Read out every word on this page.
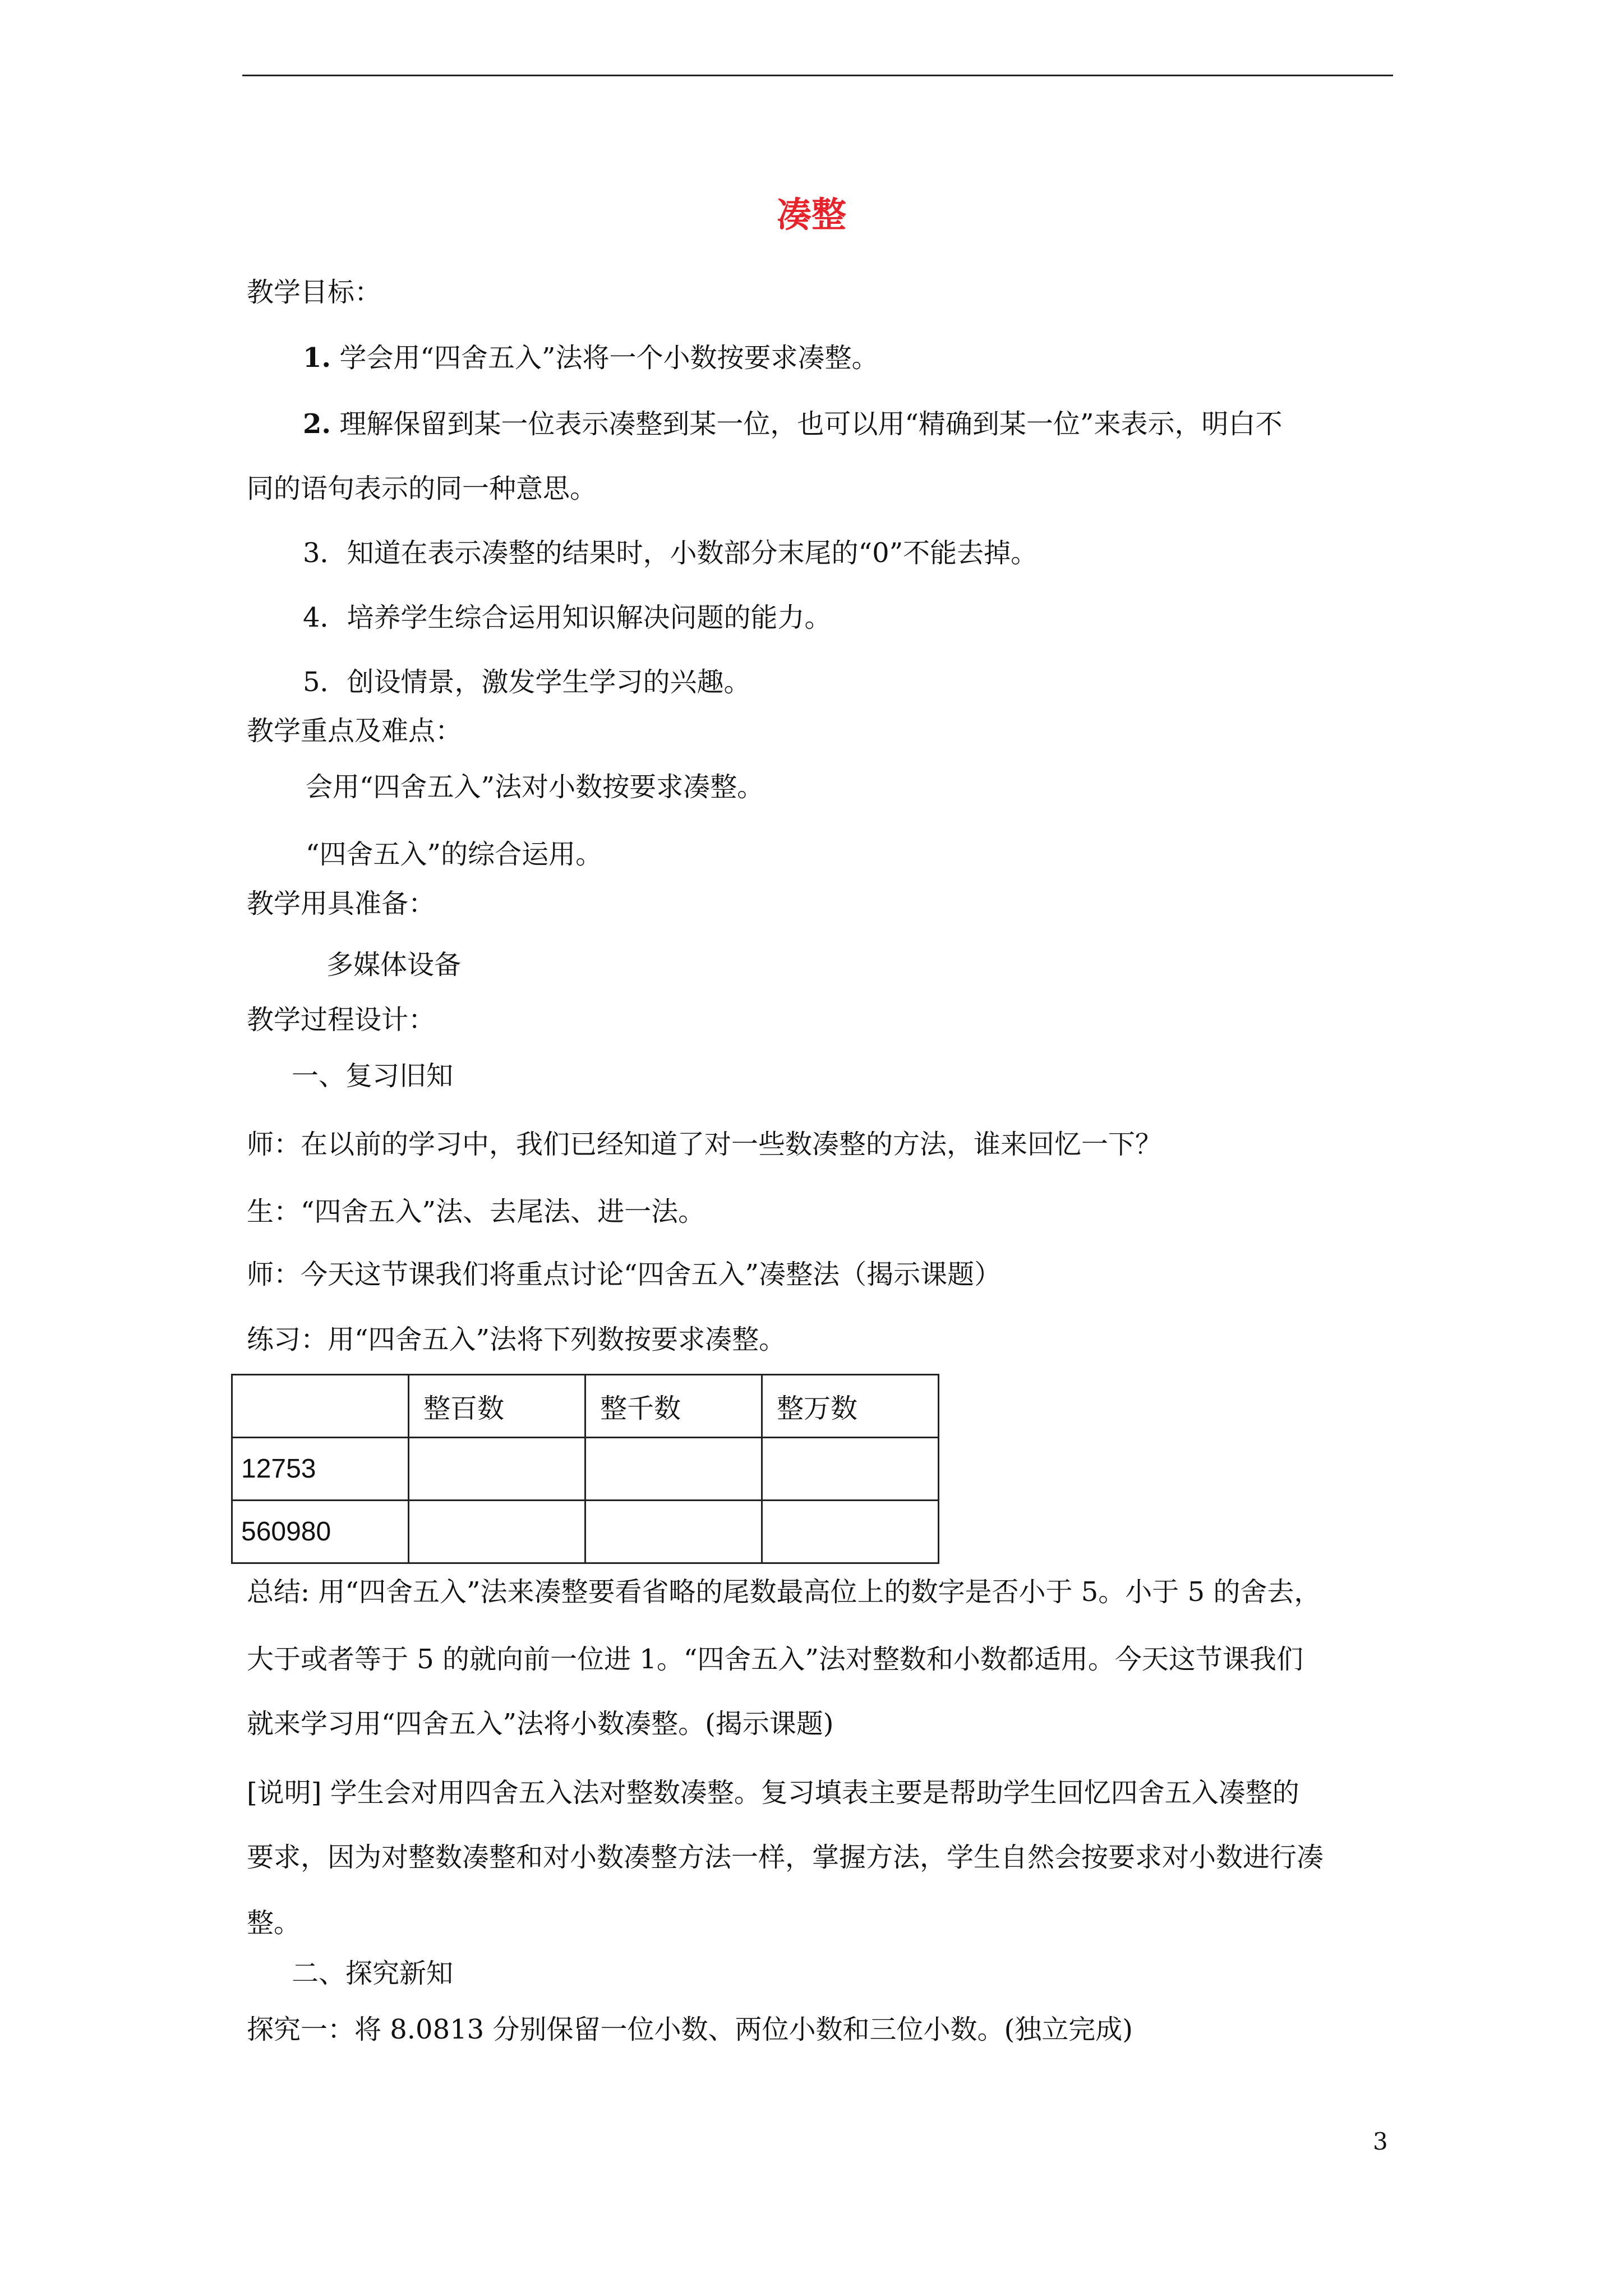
凑整
教学目标：
1. 学会用“四舍五入”法将一个小数按要求凑整。
2. 理解保留到某一位表示凑整到某一位，也可以用“精确到某一位”来表示，明白不
同的语句表示的同一种意思。
3．知道在表示凑整的结果时，小数部分末尾的“0”不能去掉。
4．培养学生综合运用知识解决问题的能力。
5．创设情景，激发学生学习的兴趣。
教学重点及难点：
会用“四舍五入”法对小数按要求凑整。
“四舍五入”的综合运用。
教学用具准备：
多媒体设备
教学过程设计：
一、复习旧知
师：在以前的学习中，我们已经知道了对一些数凑整的方法，谁来回忆一下？
生：“四舍五入”法、去尾法、进一法。
师：今天这节课我们将重点讨论“四舍五入”凑整法（揭示课题）
练习：用“四舍五入”法将下列数按要求凑整。
	整百数	整千数	整万数
12753			
560980			
总结: 用“四舍五入”法来凑整要看省略的尾数最高位上的数字是否小于 5。小于 5 的舍去，
大于或者等于 5 的就向前一位进 1。“四舍五入”法对整数和小数都适用。今天这节课我们
就来学习用“四舍五入”法将小数凑整。(揭示课题)
[说明] 学生会对用四舍五入法对整数凑整。复习填表主要是帮助学生回忆四舍五入凑整的
要求，因为对整数凑整和对小数凑整方法一样，掌握方法，学生自然会按要求对小数进行凑
整。
二、探究新知
探究一：将 8.0813 分别保留一位小数、两位小数和三位小数。(独立完成)
3
